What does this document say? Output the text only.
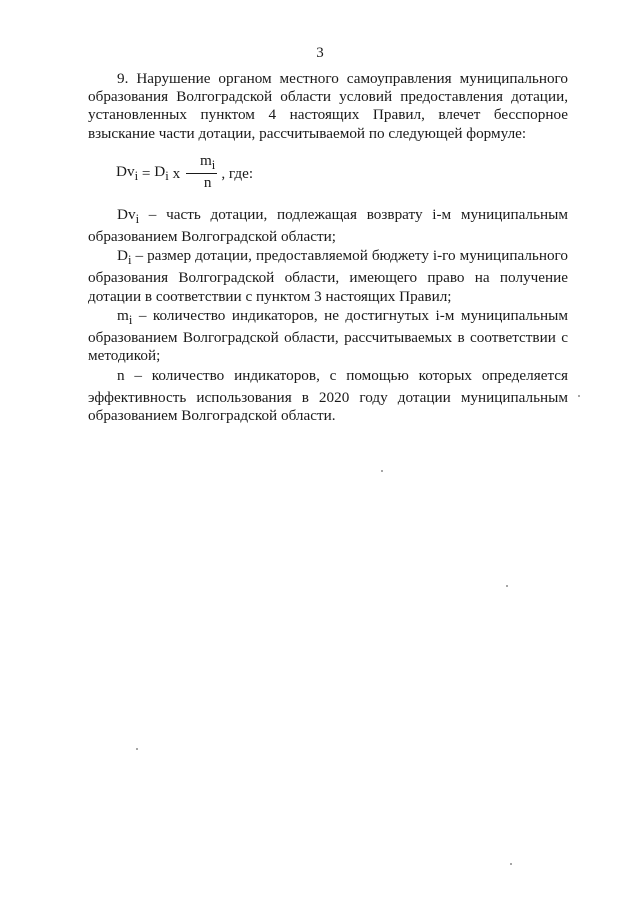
3

9. Нарушение органом местного самоуправления муниципального образования Волгоградской области условий предоставления дотации, установленных пунктом 4 настоящих Правил, влечет бесспорное взыскание части дотации, рассчитываемой по следующей формуле:

$Dv_i = D_i$ x $\frac{m_i}{n}$ , где:

$Dv_i$ – часть дотации, подлежащая возврату i-м муниципальным образованием Волгоградской области;

$D_i$ – размер дотации, предоставляемой бюджету i-го муниципального образования Волгоградской области, имеющего право на получение дотации в соответствии с пунктом 3 настоящих Правил;

$m_i$ – количество индикаторов, не достигнутых i-м муниципальным образованием Волгоградской области, рассчитываемых в соответствии с методикой;

n – количество индикаторов, с помощью которых определяется эффективность использования в 2020 году дотации муниципальным образованием Волгоградской области.
